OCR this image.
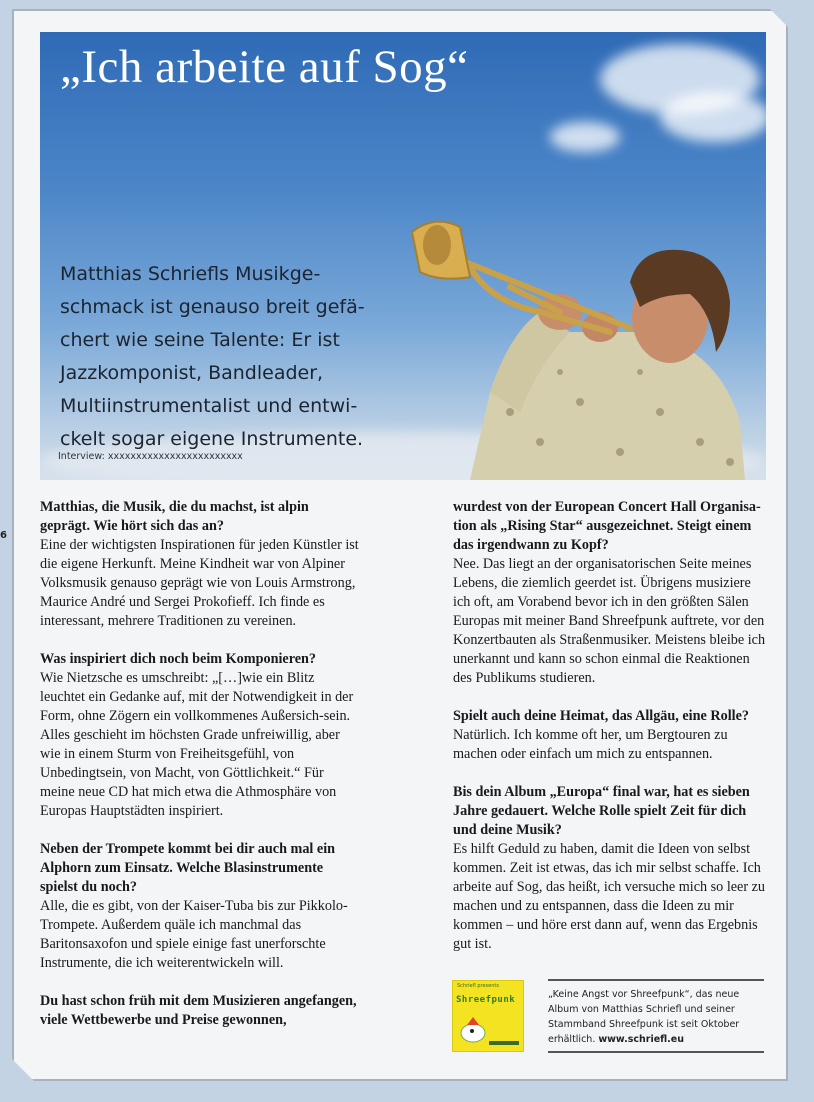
6
„Ich arbeite auf Sog“

Matthias Schriefls Musikgeschmack ist genauso breit gefächert wie seine Talente: Er ist Jazzkomponist, Bandleader, Multiinstrumentalist und entwickelt sogar eigene Instrumente.

Interview: xxxxxxxxxxxxxxxxxxxxxxxx

Matthias, die Musik, die du machst, ist alpin geprägt. Wie hört sich das an?

Eine der wichtigsten Inspirationen für jeden Künstler ist die eigene Herkunft. Meine Kindheit war von Alpiner Volksmusik genauso geprägt wie von Louis Armstrong, Maurice André und Sergei Prokofieff. Ich finde es interessant, mehrere Traditionen zu vereinen.

Was inspiriert dich noch beim Komponieren?

Wie Nietzsche es umschreibt: „[…]wie ein Blitz leuchtet ein Gedanke auf, mit der Notwendigkeit in der Form, ohne Zögern ein vollkommenes Außersich-sein. Alles geschieht im höchsten Grade unfreiwillig, aber wie in einem Sturm von Freiheitsgefühl, von Unbedingtsein, von Macht, von Göttlichkeit.“ Für meine neue CD hat mich etwa die Athmosphäre von Europas Hauptstädten inspiriert.

Neben der Trompete kommt bei dir auch mal ein Alphorn zum Einsatz. Welche Blasinstrumente spielst du noch?

Alle, die es gibt, von der Kaiser-Tuba bis zur Pikkolo-Trompete. Außerdem quäle ich manchmal das Baritonsaxofon und spiele einige fast unerforschte Instrumente, die ich weiterentwickeln will.

Du hast schon früh mit dem Musizieren angefangen, viele Wettbewerbe und Preise gewonnen,

wurdest von der European Concert Hall Organisation als „Rising Star“ ausgezeichnet. Steigt einem das irgendwann zu Kopf?

Nee. Das liegt an der organisatorischen Seite meines Lebens, die ziemlich geerdet ist. Übrigens musiziere ich oft, am Vorabend bevor ich in den größten Sälen Europas mit meiner Band Shreefpunk auftrete, vor den Konzertbauten als Straßenmusiker. Meistens bleibe ich unerkannt und kann so schon einmal die Reaktionen des Publikums studieren.

Spielt auch deine Heimat, das Allgäu, eine Rolle?

Natürlich. Ich komme oft her, um Bergtouren zu machen oder einfach um mich zu entspannen.

Bis dein Album „Europa“ final war, hat es sieben Jahre gedauert. Welche Rolle spielt Zeit für dich und deine Musik?

Es hilft Geduld zu haben, damit die Ideen von selbst kommen. Zeit ist etwas, das ich mir selbst schaffe. Ich arbeite auf Sog, das heißt, ich versuche mich so leer zu machen und zu entspannen, dass die Ideen zu mir kommen – und höre erst dann auf, wenn das Ergebnis gut ist.

Schriefl presents
Shreefpunk	„Keine Angst vor Shreefpunk“, das neue Album von Matthias Schriefl und seiner Stammband Shreefpunk ist seit Oktober erhältlich. www.schriefl.eu
